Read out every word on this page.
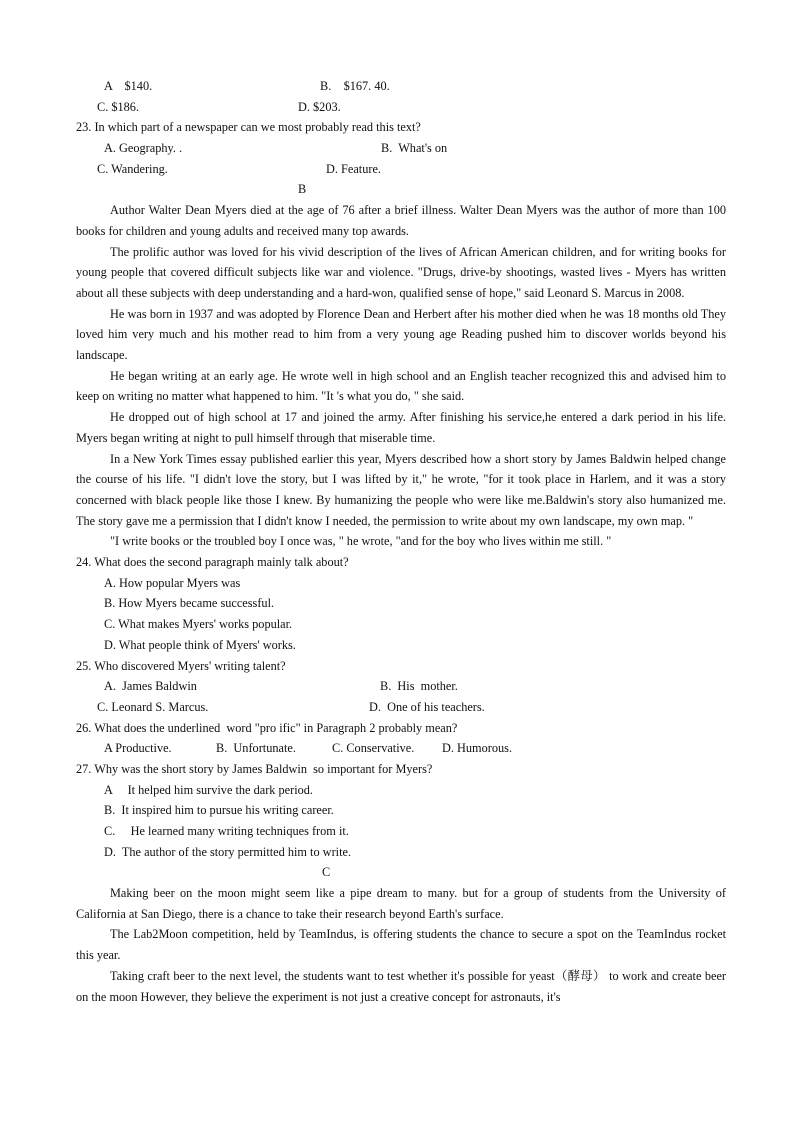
A    $140.

	B.    $167. 40.

C. $186.

	D. $203.

23. In which part of a newspaper can we most probably read this text?

A. Geography. .

	B.  What's on

C. Wandering.

	D. Feature.

B
Author Walter Dean Myers died at the age of 76 after a brief illness. Walter Dean Myers was the author of more than 100 books for children and young adults and received many top awards.
The prolific author was loved for his vivid description of the lives of African American children, and for writing books for young people that covered difficult subjects like war and violence. "Drugs, drive-by shootings, wasted lives - Myers has written about all these subjects with deep understanding and a hard-won, qualified sense of hope," said Leonard S. Marcus in 2008.
He was born in 1937 and was adopted by Florence Dean and Herbert after his mother died when he was 18 months old They loved him very much and his mother read to him from a very young age Reading pushed him to discover worlds beyond his landscape.
He began writing at an early age. He wrote well in high school and an English teacher recognized this and advised him to keep on writing no matter what happened to him. "It 's what you do, " she said.
He dropped out of high school at 17 and joined the army. After finishing his service,he entered a dark period in his life. Myers began writing at night to pull himself through that miserable time.
In a New York Times essay published earlier this year, Myers described how a short story by James Baldwin helped change the course of his life. "I didn't love the story, but I was lifted by it," he wrote, "for it took place in Harlem, and it was a story concerned with black people like those I knew. By humanizing the people who were like me.Baldwin's story also humanized me. The story gave me a permission that I didn't know I needed, the permission to write about my own landscape, my own map. "
"I write books or the troubled boy I once was, " he wrote, "and for the boy who lives within me still. "
24. What does the second paragraph mainly talk about?
A. How popular Myers was
B. How Myers became successful.
C. What makes Myers' works popular.
D. What people think of Myers' works.
25. Who discovered Myers' writing talent?

A.  James Baldwin

	B.  His  mother.

C. Leonard S. Marcus.

	D.  One of his teachers.

26. What does the underlined  word "pro ific" in Paragraph 2 probably mean?

A Productive.

	B.  Unfortunate.

	C. Conservative.

D. Humorous.

27. Why was the short story by James Baldwin  so important for Myers?
A     It helped him survive the dark period.
B.  It inspired him to pursue his writing career.
C.     He learned many writing techniques from it.
D.  The author of the story permitted him to write.
C
Making beer on the moon might seem like a pipe dream to many. but for a group of students from the University of California at San Diego, there is a chance to take their research beyond Earth's surface.
The Lab2Moon competition, held by TeamIndus, is offering students the chance to secure a spot on the TeamIndus rocket this year.
Taking craft beer to the next level, the students want to test whether it's possible for yeast（酵母） to work and create beer on the moon However, they believe the experiment is not just a creative concept for astronauts, it's
